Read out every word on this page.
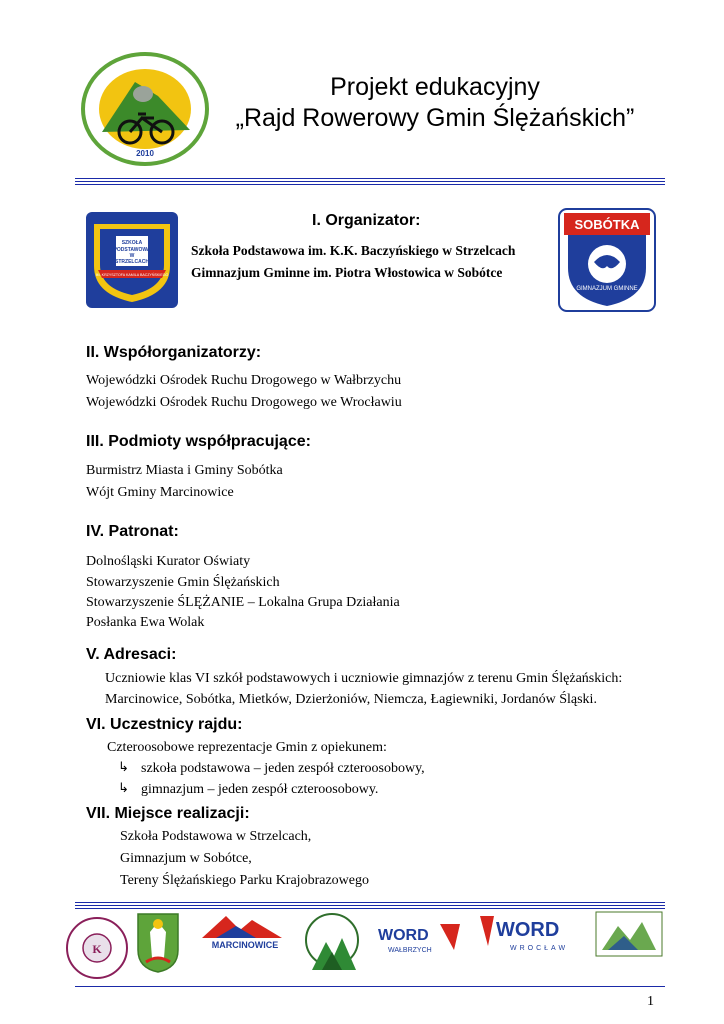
2010
Projekt edukacyjny
„Rajd Rowerowy Gmin Ślężańskich”
SZKOŁA
PODSTAWOWA
W
STRZELCACH
IM. KRZYSZTOFA KAMILA BACZYŃSKIEGO
I. Organizator:
Szkoła Podstawowa im. K.K. Baczyńskiego w Strzelcach
Gimnazjum Gminne im. Piotra Włostowica w Sobótce
SOBÓTKA
GIMNAZJUM GMINNE
II. Współorganizatorzy:
Wojewódzki Ośrodek Ruchu Drogowego w Wałbrzychu
Wojewódzki Ośrodek Ruchu Drogowego we Wrocławiu
III. Podmioty współpracujące:
Burmistrz Miasta i Gminy Sobótka
Wójt Gminy Marcinowice
IV. Patronat:
Dolnośląski Kurator Oświaty
Stowarzyszenie Gmin Ślężańskich
Stowarzyszenie ŚLĘŻANIE – Lokalna Grupa Działania
Posłanka Ewa Wolak
V. Adresaci:
Uczniowie klas VI szkół podstawowych i uczniowie gimnazjów z terenu Gmin Ślężańskich:
Marcinowice, Sobótka, Mietków, Dzierżoniów, Niemcza, Łagiewniki, Jordanów Śląski.
VI. Uczestnicy rajdu:
Czteroosobowe reprezentacje Gmin z opiekunem:
↳ szkoła podstawowa – jeden zespół czteroosobowy,
↳ gimnazjum – jeden zespół czteroosobowy.
VII. Miejsce realizacji:
Szkoła Podstawowa w Strzelcach,
Gimnazjum w Sobótce,
Tereny Ślężańskiego Parku Krajobrazowego
K	MARCINOWICE
WORD
WAŁBRZYCH
WORD
WROCŁAW
1
